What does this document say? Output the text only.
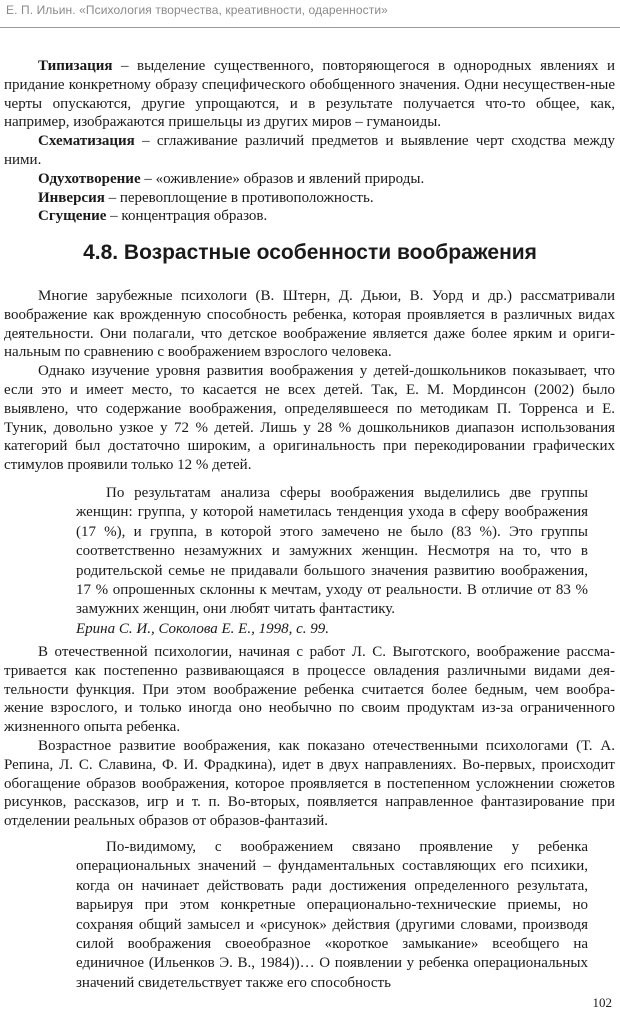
Е. П. Ильин. «Психология творчества, креативности, одаренности»

Типизация – выделение существенного, повторяющегося в однородных явлениях и придание конкретному образу специфического обобщенного значения. Одни несуществен-ные черты опускаются, другие упрощаются, и в результате получается что-то общее, как, например, изображаются пришельцы из других миров – гуманоиды.

Схематизация – сглаживание различий предметов и выявление черт сходства между ними.

Одухотворение – «оживление» образов и явлений природы.

Инверсия – перевоплощение в противоположность.

Сгущение – концентрация образов.

4.8. Возрастные особенности воображения

Многие зарубежные психологи (В. Штерн, Д. Дьюи, В. Уорд и др.) рассматривали воображение как врожденную способность ребенка, которая проявляется в различных видах деятельности. Они полагали, что детское воображение является даже более ярким и ориги-нальным по сравнению с воображением взрослого человека.

Однако изучение уровня развития воображения у детей-дошкольников показывает, что если это и имеет место, то касается не всех детей. Так, Е. М. Мординсон (2002) было выявлено, что содержание воображения, определявшееся по методикам П. Торренса и Е. Туник, довольно узкое у 72 % детей. Лишь у 28 % дошкольников диапазон использования категорий был достаточно широким, а оригинальность при перекодировании графических стимулов проявили только 12 % детей.

По результатам анализа сферы воображения выделились две группы женщин: группа, у которой наметилась тенденция ухода в сферу воображения (17 %), и группа, в которой этого замечено не было (83 %). Это группы соответственно незамужних и замужних женщин. Несмотря на то, что в родительской семье не придавали большого значения развитию воображения, 17 % опрошенных склонны к мечтам, уходу от реальности. В отличие от 83 % замужних женщин, они любят читать фантастику.

Ерина С. И., Соколова Е. Е., 1998, с. 99.

В отечественной психологии, начиная с работ Л. С. Выготского, воображение рассма-тривается как постепенно развивающаяся в процессе овладения различными видами дея-тельности функция. При этом воображение ребенка считается более бедным, чем вообра-жение взрослого, и только иногда оно необычно по своим продуктам из-за ограниченного жизненного опыта ребенка.

Возрастное развитие воображения, как показано отечественными психологами (Т. А. Репина, Л. С. Славина, Ф. И. Фрадкина), идет в двух направлениях. Во-первых, происходит обогащение образов воображения, которое проявляется в постепенном усложнении сюжетов рисунков, рассказов, игр и т. п. Во-вторых, появляется направленное фантазирование при отделении реальных образов от образов-фантазий.

По-видимому, с воображением связано проявление у ребенка операциональных значений – фундаментальных составляющих его психики, когда он начинает действовать ради достижения определенного результата, варьируя при этом конкретные операционально-технические приемы, но сохраняя общий замысел и «рисунок» действия (другими словами, производя силой воображения своеобразное «короткое замыкание» всеобщего на единичное (Ильенков Э. В., 1984))… О появлении у ребенка операциональных значений свидетельствует также его способность

102
